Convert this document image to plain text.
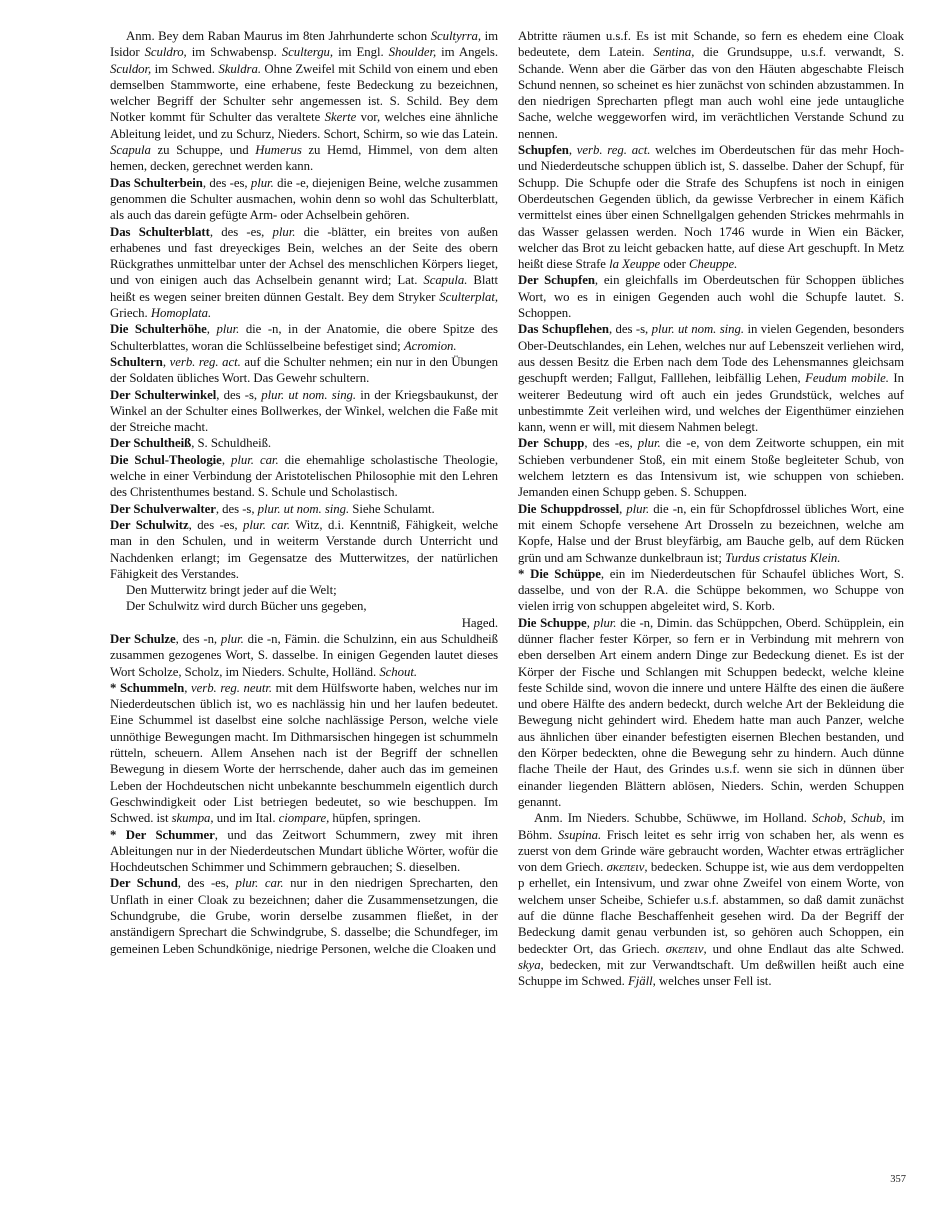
Anm. Bey dem Raban Maurus im 8ten Jahrhunderte schon Scultyrra, im Isidor Sculdro, im Schwabensp. Scultergu, im Engl. Shoulder, im Angels. Sculdor, im Schwed. Skuldra. Ohne Zweifel mit Schild von einem und eben demselben Stammworte, eine erhabene, feste Bedeckung zu bezeichnen, welcher Begriff der Schulter sehr angemessen ist. S. Schild. Bey dem Notker kommt für Schulter das veraltete Skerte vor, welches eine ähnliche Ableitung leidet, und zu Schurz, Nieders. Schort, Schirm, so wie das Latein. Scapula zu Schuppe, und Humerus zu Hemd, Himmel, von dem alten hemen, decken, gerechnet werden kann.

Das Schulterbein, des -es, plur. die -e, diejenigen Beine, welche zusammen genommen die Schulter ausmachen, wohin denn so wohl das Schulterblatt, als auch das darein gefügte Arm- oder Achselbein gehören.

Das Schulterblatt, des -es, plur. die -blätter, ein breites von außen erhabenes und fast dreyeckiges Bein, welches an der Seite des obern Rückgrathes unmittelbar unter der Achsel des menschlichen Körpers lieget, und von einigen auch das Achselbein genannt wird; Lat. Scapula. Blatt heißt es wegen seiner breiten dünnen Gestalt. Bey dem Stryker Sculterplat, Griech. Homoplata.

Die Schulterhöhe, plur. die -n, in der Anatomie, die obere Spitze des Schulterblattes, woran die Schlüsselbeine befestiget sind; Acromion.

Schultern, verb. reg. act. auf die Schulter nehmen; ein nur in den Übungen der Soldaten übliches Wort. Das Gewehr schultern.

Der Schulterwinkel, des -s, plur. ut nom. sing. in der Kriegsbaukunst, der Winkel an der Schulter eines Bollwerkes, der Winkel, welchen die Faße mit der Streiche macht.

Der Schultheiß, S. Schuldheiß.

Die Schul-Theologie, plur. car. die ehemahlige scholastische Theologie, welche in einer Verbindung der Aristotelischen Philosophie mit den Lehren des Christenthumes bestand. S. Schule und Scholastisch.

Der Schulverwalter, des -s, plur. ut nom. sing. Siehe Schulamt.

Der Schulwitz, des -es, plur. car. Witz, d.i. Kenntniß, Fähigkeit, welche man in den Schulen, und in weiterm Verstande durch Unterricht und Nachdenken erlangt; im Gegensatze des Mutterwitzes, der natürlichen Fähigkeit des Verstandes.

Den Mutterwitz bringt jeder auf die Welt;

Der Schulwitz wird durch Bücher uns gegeben,

Haged.

Der Schulze, des -n, plur. die -n, Fämin. die Schulzinn, ein aus Schuldheiß zusammen gezogenes Wort, S. dasselbe. In einigen Gegenden lautet dieses Wort Scholze, Scholz, im Nieders. Schulte, Holländ. Schout.

* Schummeln, verb. reg. neutr. mit dem Hülfsworte haben, welches nur im Niederdeutschen üblich ist, wo es nachlässig hin und her laufen bedeutet. Eine Schummel ist daselbst eine solche nachlässige Person, welche viele unnöthige Bewegungen macht. Im Dithmarsischen hingegen ist schummeln rütteln, scheuern. Allem Ansehen nach ist der Begriff der schnellen Bewegung in diesem Worte der herrschende, daher auch das im gemeinen Leben der Hochdeutschen nicht unbekannte beschummeln eigentlich durch Geschwindigkeit oder List betriegen bedeutet, so wie beschuppen. Im Schwed. ist skumpa, und im Ital. ciompare, hüpfen, springen.

* Der Schummer, und das Zeitwort Schummern, zwey mit ihren Ableitungen nur in der Niederdeutschen Mundart übliche Wörter, wofür die Hochdeutschen Schimmer und Schimmern gebrauchen; S. dieselben.

Der Schund, des -es, plur. car. nur in den niedrigen Sprecharten, den Unflath in einer Cloak zu bezeichnen; daher die Zusammensetzungen, die Schundgrube, die Grube, worin derselbe zusammen fließet, in der anständigern Sprechart die Schwindgrube, S. dasselbe; die Schundfeger, im gemeinen Leben Schundkönige, niedrige Personen, welche die Cloaken und

Abtritte räumen u.s.f. Es ist mit Schande, so fern es ehedem eine Cloak bedeutete, dem Latein. Sentina, die Grundsuppe, u.s.f. verwandt, S. Schande. Wenn aber die Gärber das von den Häuten abgeschabte Fleisch Schund nennen, so scheinet es hier zunächst von schinden abzustammen. In den niedrigen Sprecharten pflegt man auch wohl eine jede untaugliche Sache, welche weggeworfen wird, im verächtlichen Verstande Schund zu nennen.

Schupfen, verb. reg. act. welches im Oberdeutschen für das mehr Hoch- und Niederdeutsche schuppen üblich ist, S. dasselbe. Daher der Schupf, für Schupp. Die Schupfe oder die Strafe des Schupfens ist noch in einigen Oberdeutschen Gegenden üblich, da gewisse Verbrecher in einem Käfich vermittelst eines über einen Schnellgalgen gehenden Strickes mehrmahls in das Wasser gelassen werden. Noch 1746 wurde in Wien ein Bäcker, welcher das Brot zu leicht gebacken hatte, auf diese Art geschupft. In Metz heißt diese Strafe la Xeuppe oder Cheuppe.

Der Schupfen, ein gleichfalls im Oberdeutschen für Schoppen übliches Wort, wo es in einigen Gegenden auch wohl die Schupfe lautet. S. Schoppen.

Das Schupflehen, des -s, plur. ut nom. sing. in vielen Gegenden, besonders Ober-Deutschlandes, ein Lehen, welches nur auf Lebenszeit verliehen wird, aus dessen Besitz die Erben nach dem Tode des Lehensmannes gleichsam geschupft werden; Fallgut, Falllehen, leibfällig Lehen, Feudum mobile. In weiterer Bedeutung wird oft auch ein jedes Grundstück, welches auf unbestimmte Zeit verleihen wird, und welches der Eigenthümer einziehen kann, wenn er will, mit diesem Nahmen belegt.

Der Schupp, des -es, plur. die -e, von dem Zeitworte schuppen, ein mit Schieben verbundener Stoß, ein mit einem Stoße begleiteter Schub, von welchem letztern es das Intensivum ist, wie schuppen von schieben. Jemanden einen Schupp geben. S. Schuppen.

Die Schuppdrossel, plur. die -n, ein für Schopfdrossel übliches Wort, eine mit einem Schopfe versehene Art Drosseln zu bezeichnen, welche am Kopfe, Halse und der Brust bleyfärbig, am Bauche gelb, auf dem Rücken grün und am Schwanze dunkelbraun ist; Turdus cristatus Klein.

* Die Schüppe, ein im Niederdeutschen für Schaufel übliches Wort, S. dasselbe, und von der R.A. die Schüppe bekommen, wo Schuppe von vielen irrig von schuppen abgeleitet wird, S. Korb.

Die Schuppe, plur. die -n, Dimin. das Schüppchen, Oberd. Schüpplein, ein dünner flacher fester Körper, so fern er in Verbindung mit mehrern von eben derselben Art einem andern Dinge zur Bedeckung dienet. Es ist der Körper der Fische und Schlangen mit Schuppen bedeckt, welche kleine feste Schilde sind, wovon die innere und untere Hälfte des einen die äußere und obere Hälfte des andern bedeckt, durch welche Art der Bekleidung die Bewegung nicht gehindert wird. Ehedem hatte man auch Panzer, welche aus ähnlichen über einander befestigten eisernen Blechen bestanden, und den Körper bedeckten, ohne die Bewegung sehr zu hindern. Auch dünne flache Theile der Haut, des Grindes u.s.f. wenn sie sich in dünnen über einander liegenden Blättern ablösen, Nieders. Schin, werden Schuppen genannt.

Anm. Im Nieders. Schubbe, Schüwwe, im Holland. Schob, Schub, im Böhm. Ssupina. Frisch leitet es sehr irrig von schaben her, als wenn es zuerst von dem Grinde wäre gebraucht worden, Wachter etwas erträglicher von dem Griech. σκεπειν, bedecken. Schuppe ist, wie aus dem verdoppelten p erhellet, ein Intensivum, und zwar ohne Zweifel von einem Worte, von welchem unser Scheibe, Schiefer u.s.f. abstammen, so daß damit zunächst auf die dünne flache Beschaffenheit gesehen wird. Da der Begriff der Bedeckung damit genau verbunden ist, so gehören auch Schoppen, ein bedeckter Ort, das Griech. σκεπειν, und ohne Endlaut das alte Schwed. skya, bedecken, mit zur Verwandtschaft. Um deßwillen heißt auch eine Schuppe im Schwed. Fjäll, welches unser Fell ist.

357
